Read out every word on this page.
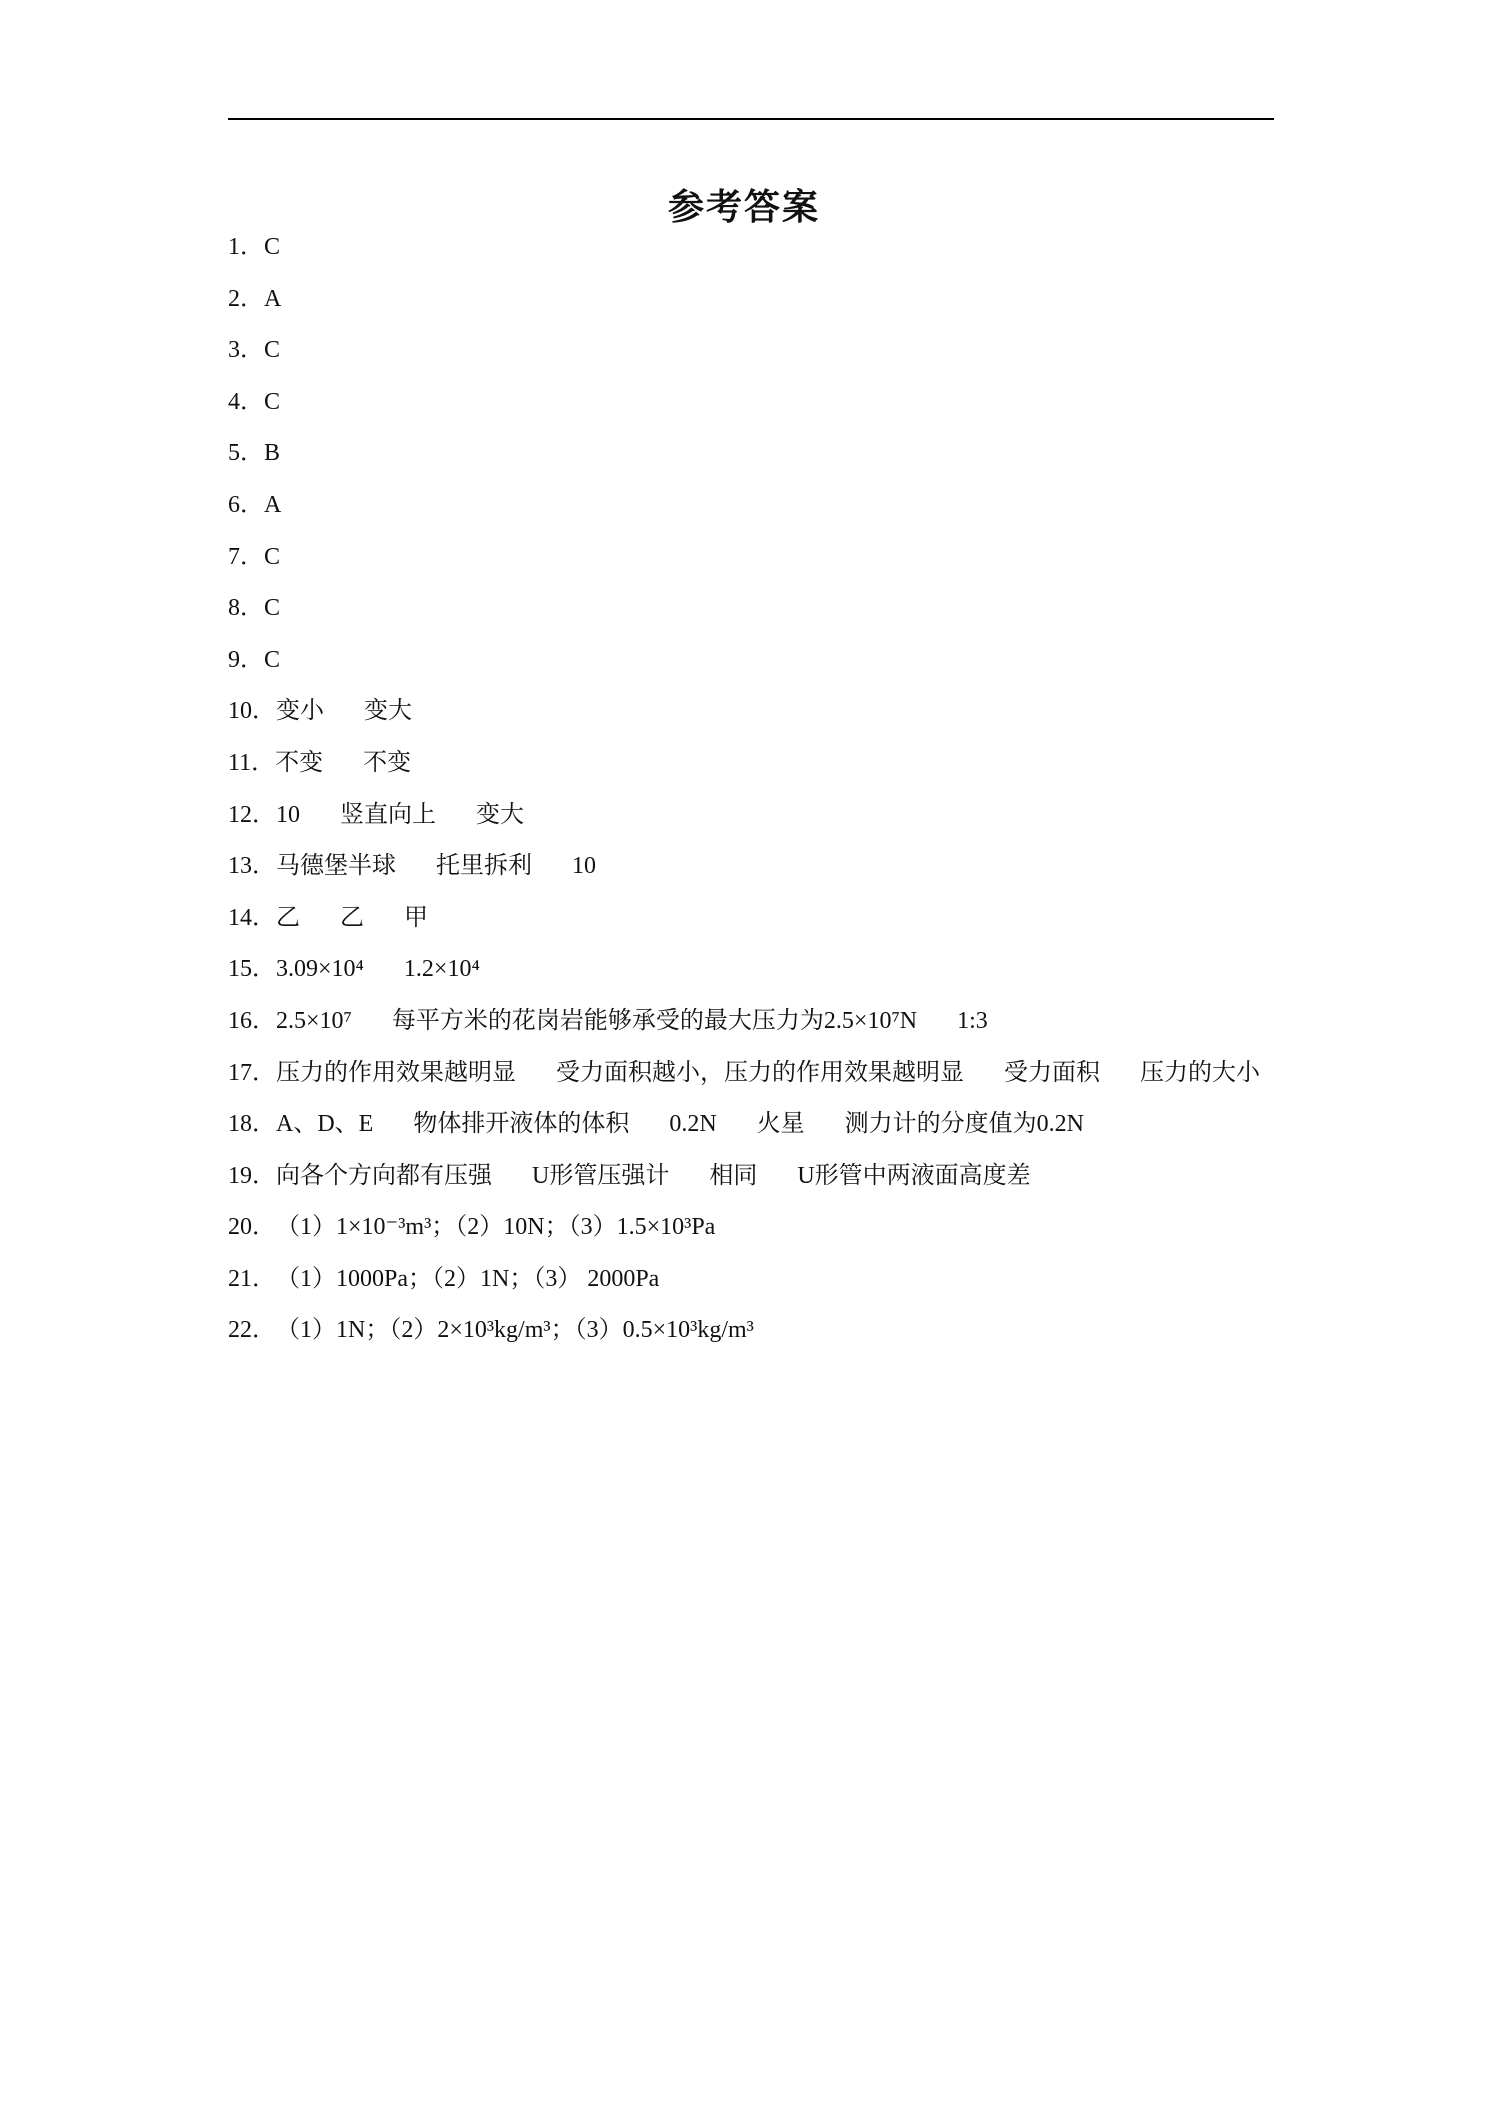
参考答案
1．C
2．A
3．C
4．C
5．B
6．A
7．C
8．C
9．C
10．变小 变大
11．不变 不变
12．10 竖直向上 变大
13．马德堡半球 托里拆利 10
14．乙 乙 甲
15．3.09×10⁴ 1.2×10⁴
16．2.5×10⁷ 每平方米的花岗岩能够承受的最大压力为2.5×10⁷N 1:3
17．压力的作用效果越明显 受力面积越小，压力的作用效果越明显 受力面积 压力的大小
18．A、D、E 物体排开液体的体积 0.2N 火星 测力计的分度值为0.2N
19．向各个方向都有压强 U形管压强计 相同 U形管中两液面高度差
20．（1）1×10⁻³m³；（2）10N；（3）1.5×10³Pa
21．（1）1000Pa；（2）1N；（3） 2000Pa
22．（1）1N；（2）2×10³kg/m³；（3）0.5×10³kg/m³
